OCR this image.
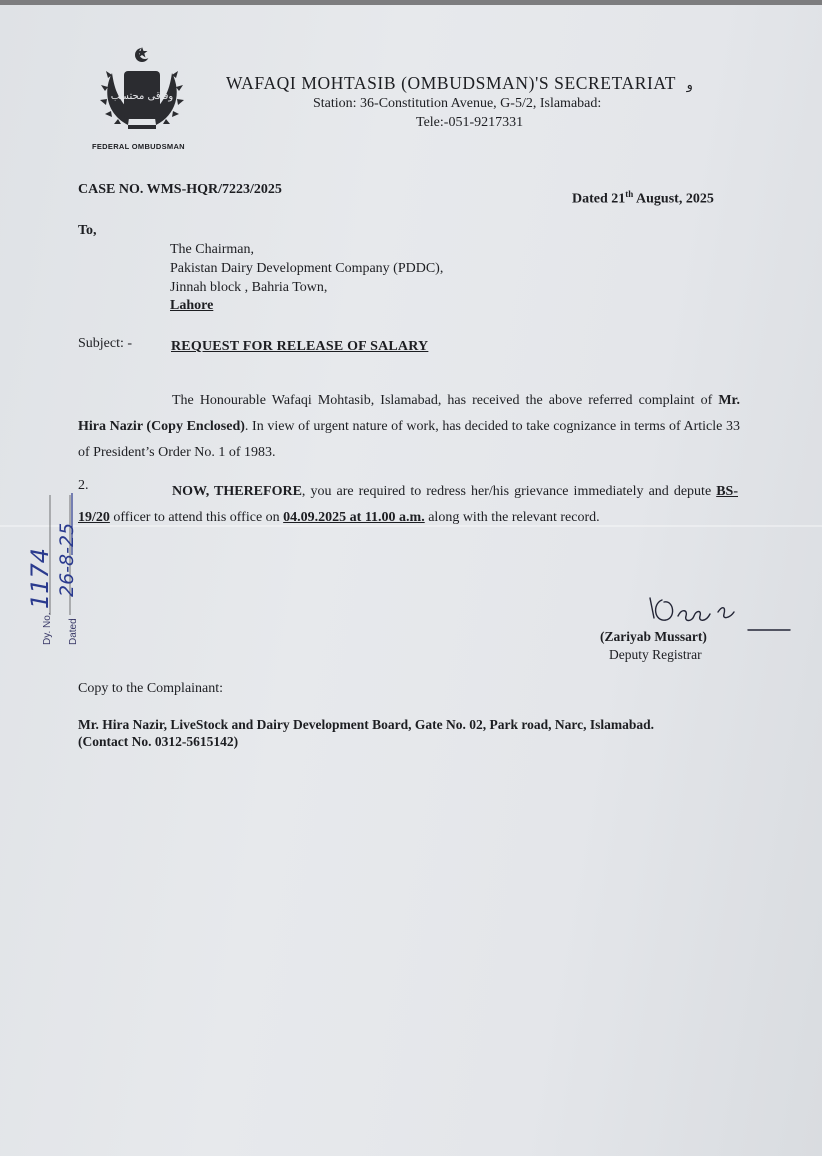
وفاقی محتسب
FEDERAL OMBUDSMAN
WAFAQI MOHTASIB (OMBUDSMAN)'S SECRETARIAT و
Station: 36-Constitution Avenue, G-5/2, Islamabad:
Tele:-051-9217331
CASE NO. WMS-HQR/7223/2025
Dated 21th August, 2025
To,
The Chairman,
Pakistan Dairy Development Company (PDDC),
Jinnah block , Bahria Town,
Lahore
Subject: -	REQUEST FOR RELEASE OF SALARY

The Honourable Wafaqi Mohtasib, Islamabad, has received the above referred complaint of Mr. Hira Nazir (Copy Enclosed). In view of urgent nature of work, has decided to take cognizance in terms of Article 33 of President’s Order No. 1 of 1983.

2.	NOW, THEREFORE, you are required to redress her/his grievance immediately and depute BS-19/20 officer to attend this office on 04.09.2025 at 11.00 a.m. along with the relevant record.

Dy. No. Dated
1174 26-8-25
(Zariyab Mussart)
Deputy Registrar
Copy to the Complainant:
Mr. Hira Nazir, LiveStock and Dairy Development Board, Gate No. 02, Park road, Narc, Islamabad.
(Contact No. 0312-5615142)
